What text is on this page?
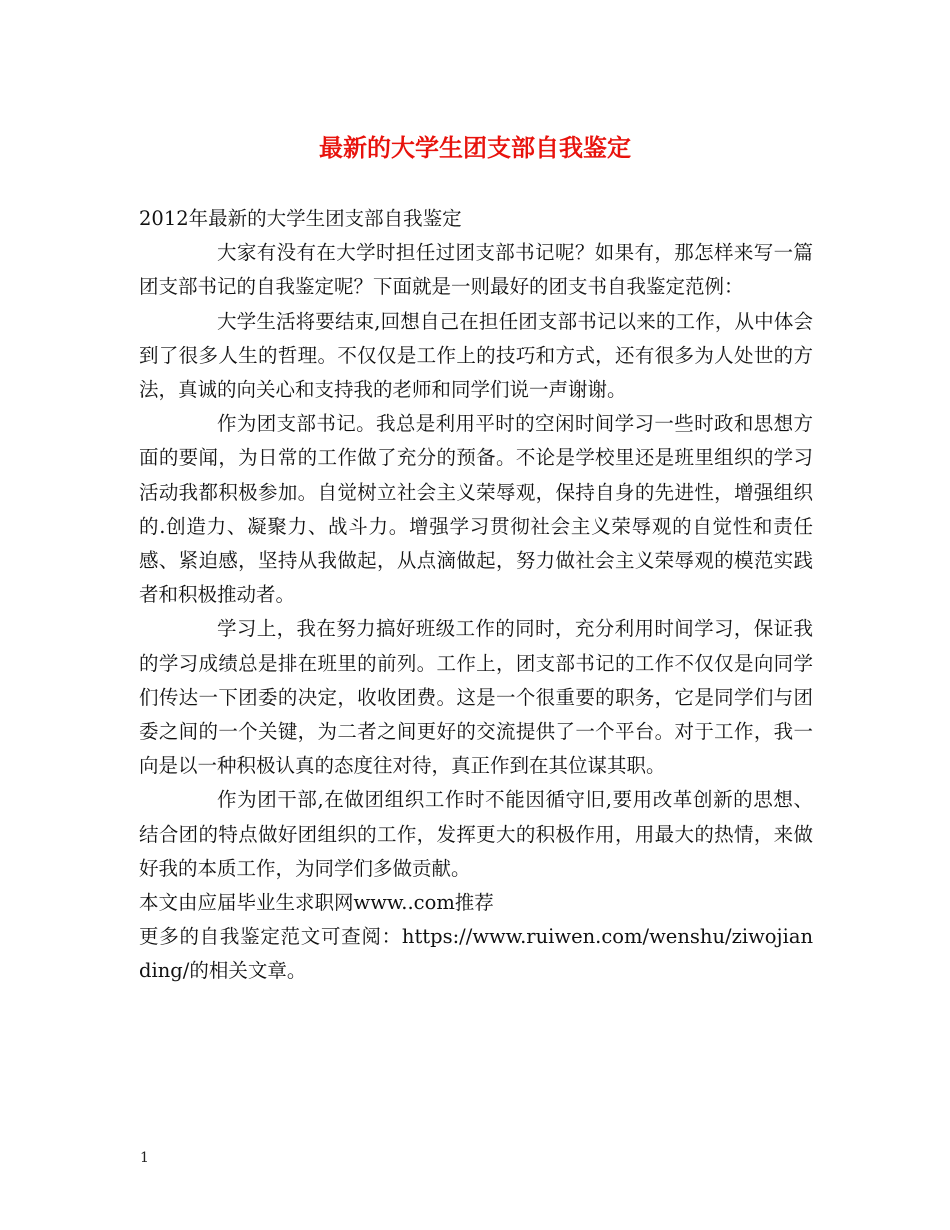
最新的大学生团支部自我鉴定

2012年最新的大学生团支部自我鉴定

大家有没有在大学时担任过团支部书记呢？如果有，那怎样来写一篇团支部书记的自我鉴定呢？下面就是一则最好的团支书自我鉴定范例：

大学生活将要结束,回想自己在担任团支部书记以来的工作，从中体会到了很多人生的哲理。不仅仅是工作上的技巧和方式，还有很多为人处世的方法，真诚的向关心和支持我的老师和同学们说一声谢谢。

作为团支部书记。我总是利用平时的空闲时间学习一些时政和思想方面的要闻，为日常的工作做了充分的预备。不论是学校里还是班里组织的学习活动我都积极参加。自觉树立社会主义荣辱观，保持自身的先进性，增强组织的.创造力、凝聚力、战斗力。增强学习贯彻社会主义荣辱观的自觉性和责任感、紧迫感，坚持从我做起，从点滴做起，努力做社会主义荣辱观的模范实践者和积极推动者。

学习上，我在努力搞好班级工作的同时，充分利用时间学习，保证我的学习成绩总是排在班里的前列。工作上，团支部书记的工作不仅仅是向同学们传达一下团委的决定，收收团费。这是一个很重要的职务，它是同学们与团委之间的一个关键，为二者之间更好的交流提供了一个平台。对于工作，我一向是以一种积极认真的态度往对待，真正作到在其位谋其职。

作为团干部,在做团组织工作时不能因循守旧,要用改革创新的思想、结合团的特点做好团组织的工作，发挥更大的积极作用，用最大的热情，来做好我的本质工作，为同学们多做贡献。

本文由应届毕业生求职网www..com推荐

更多的自我鉴定范文可查阅：https://www.ruiwen.com/wenshu/ziwojianding/的相关文章。

1
